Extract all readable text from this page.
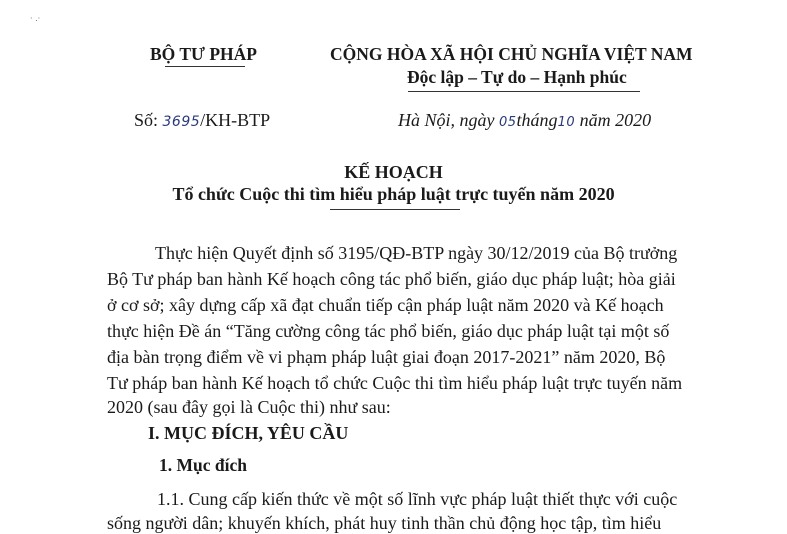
· .·
BỘ TƯ PHÁP	CỘNG HÒA XÃ HỘI CHỦ NGHĨA VIỆT NAM
Độc lập – Tự do – Hạnh phúc
Số: 3695/KH-BTP	Hà Nội, ngày 05tháng10 năm 2020
KẾ HOẠCH
Tổ chức Cuộc thi tìm hiểu pháp luật trực tuyến năm 2020
Thực hiện Quyết định số 3195/QĐ-BTP ngày 30/12/2019 của Bộ trưởng
Bộ Tư pháp ban hành Kế hoạch công tác phổ biến, giáo dục pháp luật; hòa giải
ở cơ sở; xây dựng cấp xã đạt chuẩn tiếp cận pháp luật năm 2020 và Kế hoạch
thực hiện Đề án “Tăng cường công tác phổ biến, giáo dục pháp luật tại một số
địa bàn trọng điểm về vi phạm pháp luật giai đoạn 2017-2021” năm 2020, Bộ
Tư pháp ban hành Kế hoạch tổ chức Cuộc thi tìm hiểu pháp luật trực tuyến năm
2020 (sau đây gọi là Cuộc thi) như sau:
I. MỤC ĐÍCH, YÊU CẦU
1. Mục đích
1.1. Cung cấp kiến thức về một số lĩnh vực pháp luật thiết thực với cuộc
sống người dân; khuyến khích, phát huy tinh thần chủ động học tập, tìm hiểu
